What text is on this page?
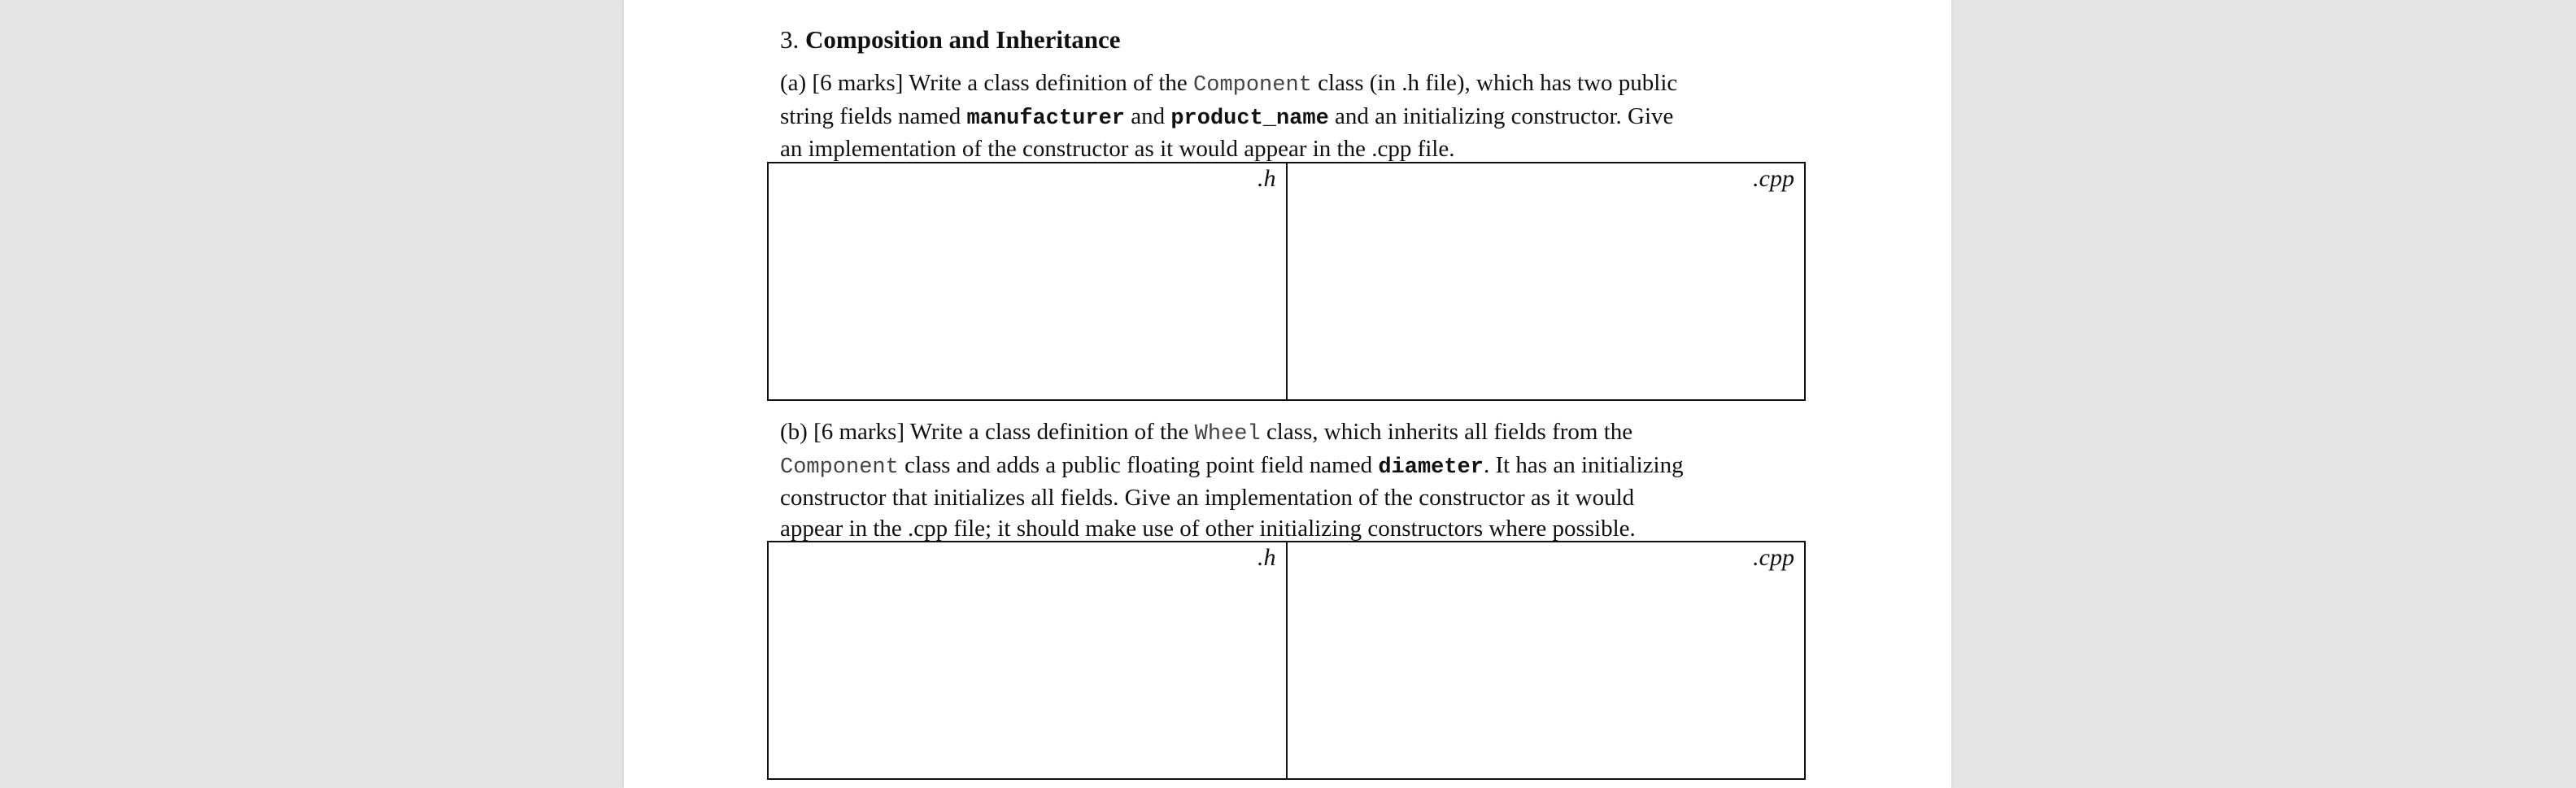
3. Composition and Inheritance
(a) [6 marks] Write a class definition of the Component class (in .h file), which has two public
string fields named manufacturer and product_name and an initializing constructor. Give
an implementation of the constructor as it would appear in the .cpp file.
(b) [6 marks] Write a class definition of the Wheel class, which inherits all fields from the
Component class and adds a public floating point field named diameter. It has an initializing
constructor that initializes all fields. Give an implementation of the constructor as it would
appear in the .cpp file; it should make use of other initializing constructors where possible.
.h	.cpp
.h	.cpp
